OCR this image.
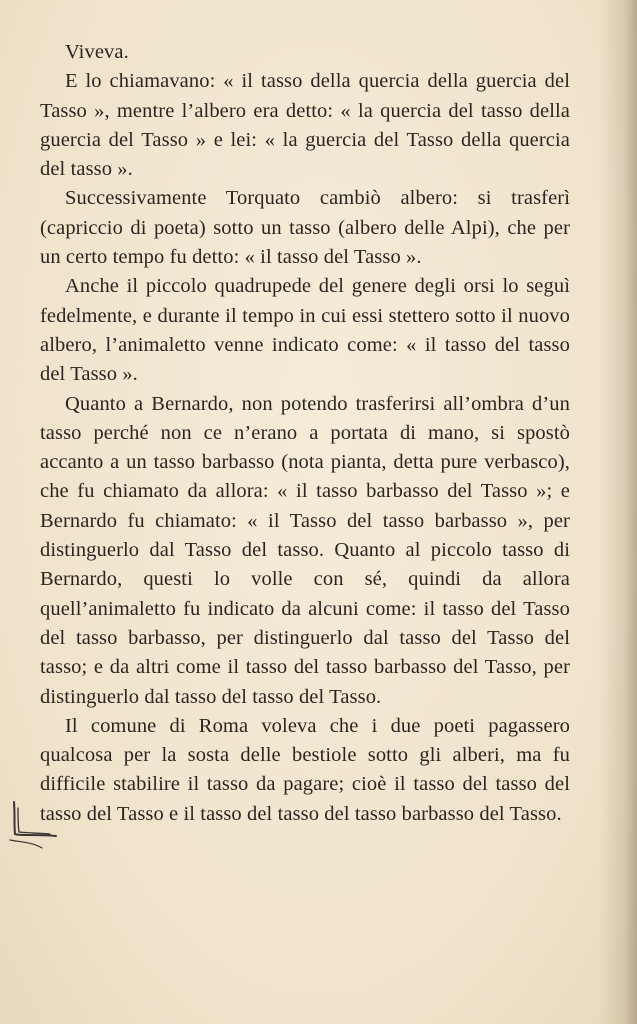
Viveva.

E lo chiamavano: « il tasso della quercia della guercia del Tasso », mentre l’albero era detto: « la quercia del tasso della guercia del Tasso » e lei: « la guercia del Tasso della quercia del tasso ».

Successivamente Torquato cambiò albero: si trasferì (capriccio di poeta) sotto un tasso (albero delle Alpi), che per un certo tempo fu detto: « il tasso del Tasso ».

Anche il piccolo quadrupede del genere degli orsi lo seguì fedelmente, e durante il tempo in cui essi stettero sotto il nuovo albero, l’animaletto venne indicato come: « il tasso del tasso del Tasso ».

Quanto a Bernardo, non potendo trasferirsi all’ombra d’un tasso perché non ce n’erano a portata di mano, si spostò accanto a un tasso barbasso (nota pianta, detta pure verbasco), che fu chiamato da allora: « il tasso barbasso del Tasso »; e Bernardo fu chiamato: « il Tasso del tasso barbasso », per distinguerlo dal Tasso del tasso. Quanto al piccolo tasso di Bernardo, questi lo volle con sé, quindi da allora quell’animaletto fu indicato da alcuni come: il tasso del Tasso del tasso barbasso, per distinguerlo dal tasso del Tasso del tasso; e da altri come il tasso del tasso barbasso del Tasso, per distinguerlo dal tasso del tasso del Tasso.

Il comune di Roma voleva che i due poeti pagassero qualcosa per la sosta delle bestiole sotto gli alberi, ma fu difficile stabilire il tasso da pagare; cioè il tasso del tasso del tasso del Tasso e il tasso del tasso del tasso barbasso del Tasso.
